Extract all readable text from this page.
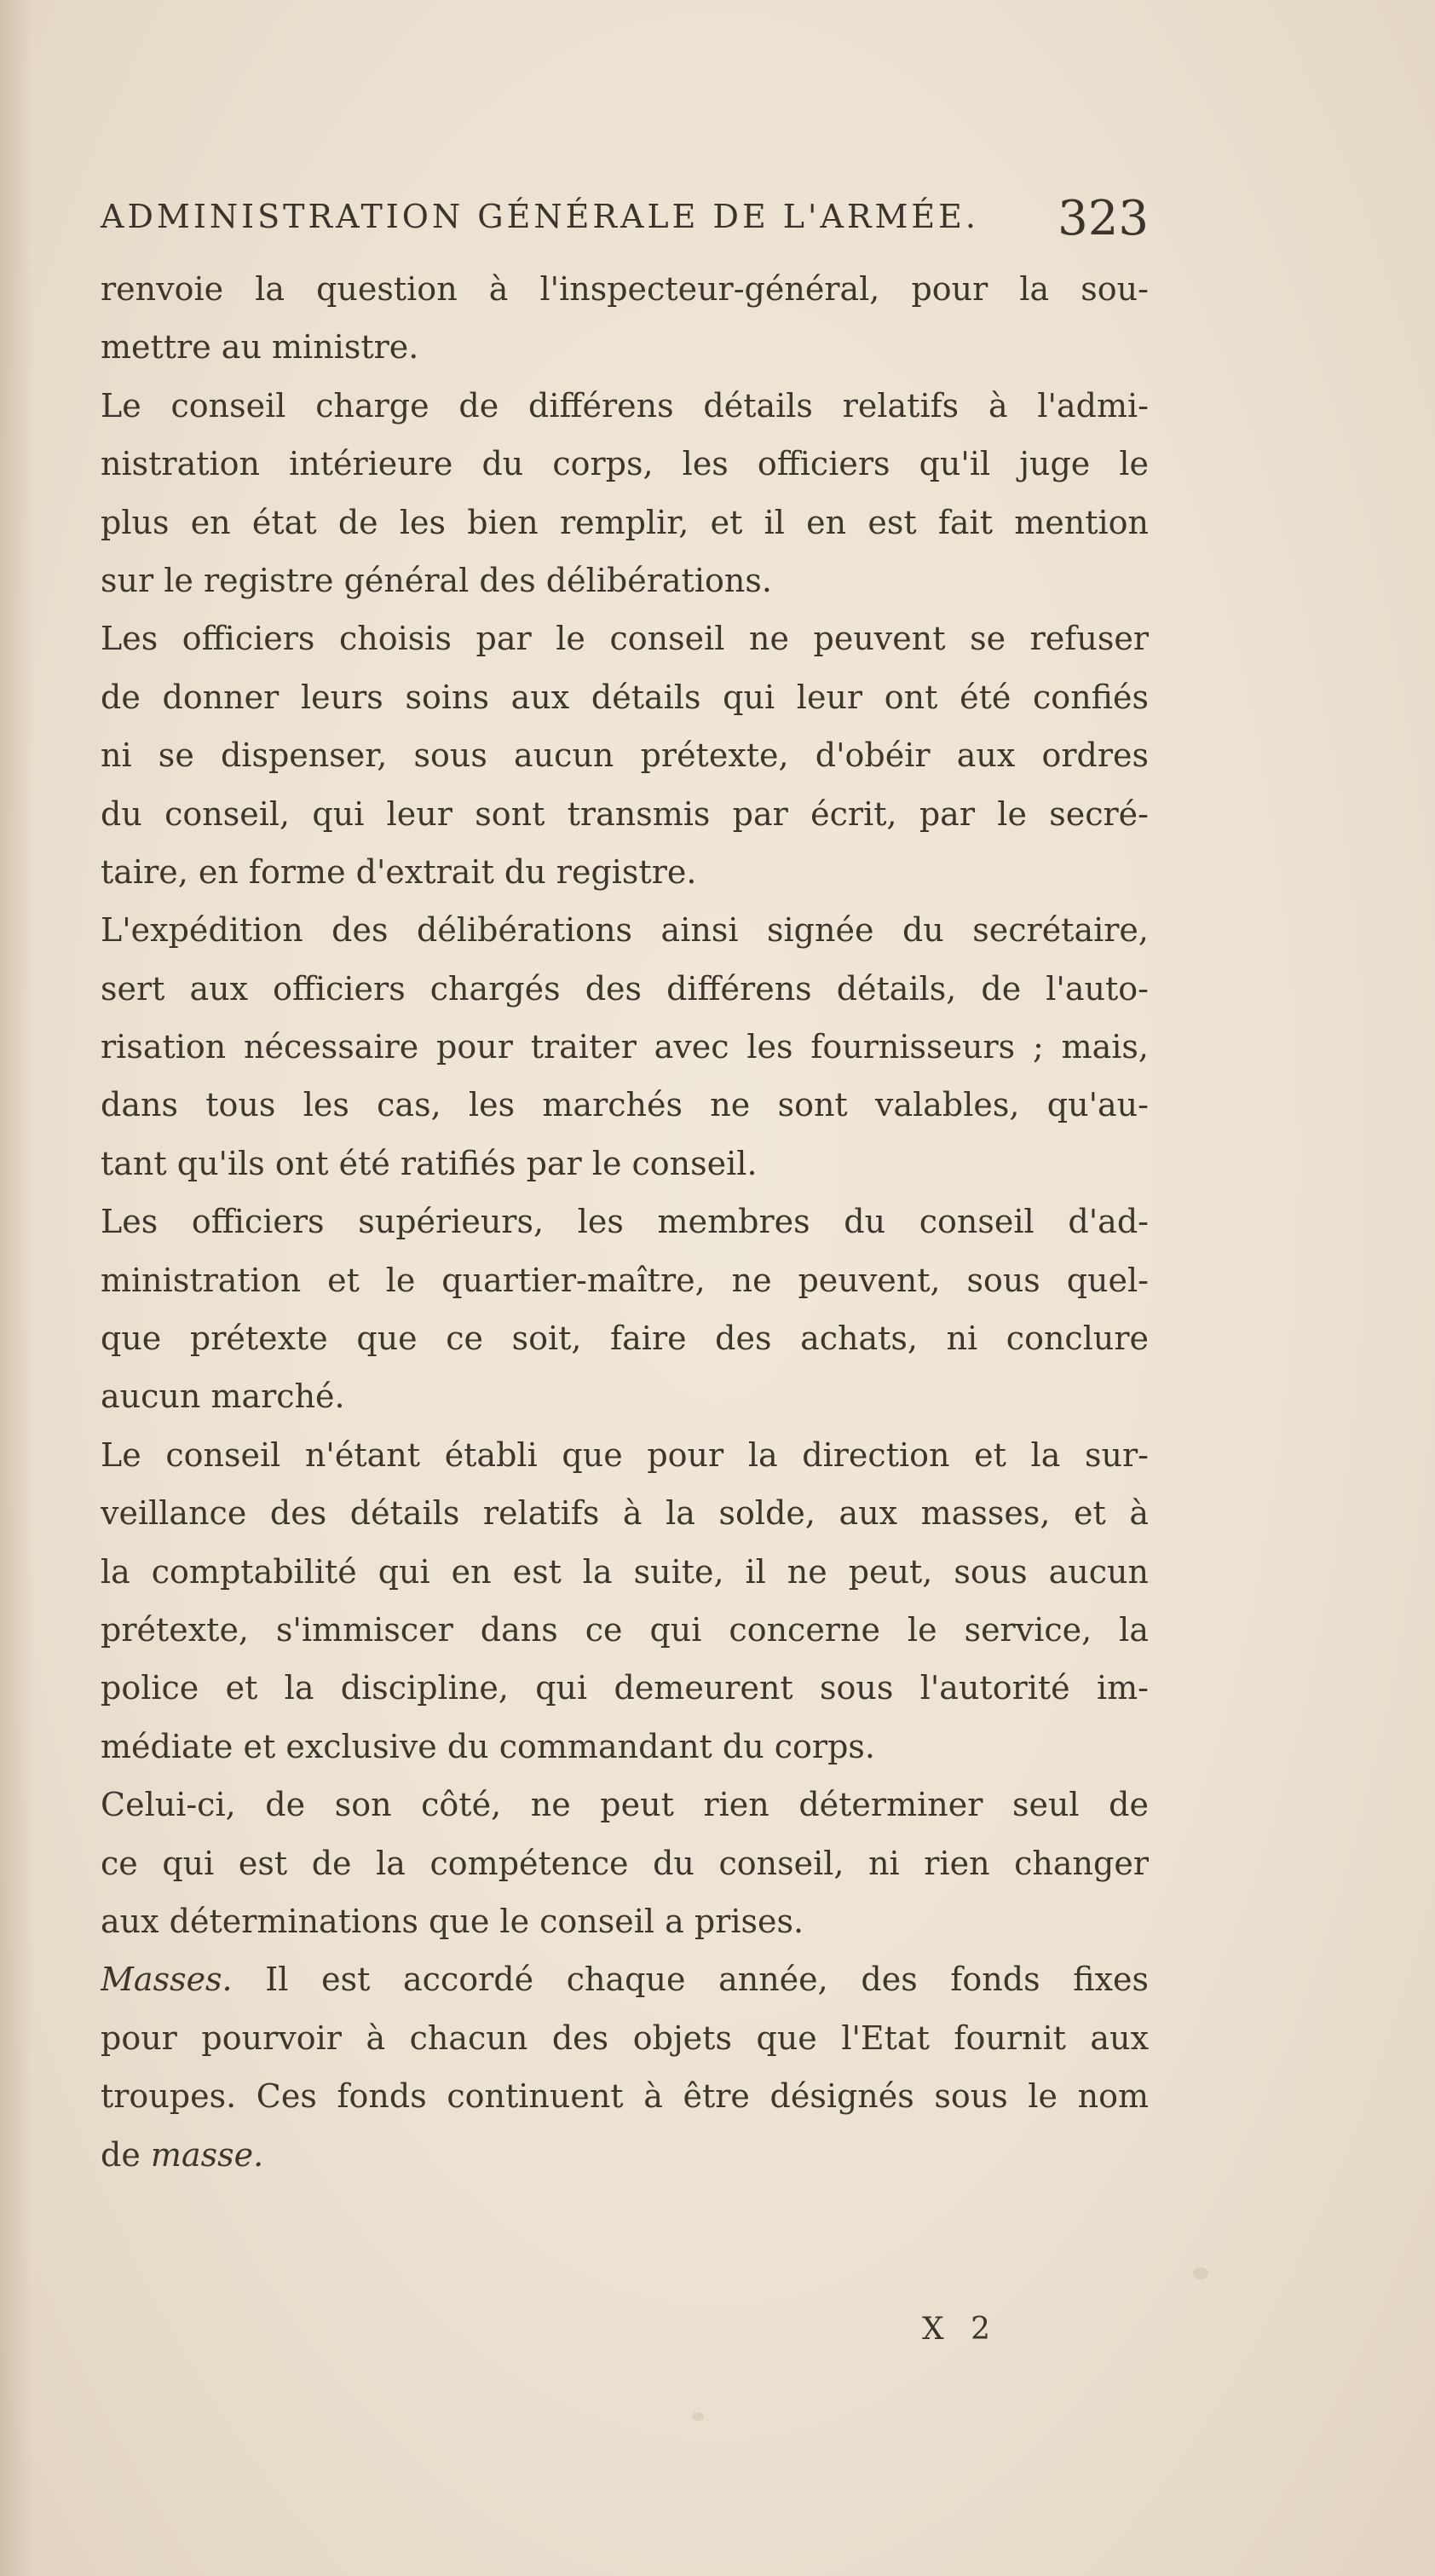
ADMINISTRATION GÉNÉRALE DE L'ARMÉE. 323
renvoie la question à l'inspecteur-général, pour la sou-
mettre au ministre.
Le conseil charge de différens détails relatifs à l'admi-
nistration intérieure du corps, les officiers qu'il juge le
plus en état de les bien remplir, et il en est fait mention
sur le registre général des délibérations.
Les officiers choisis par le conseil ne peuvent se refuser
de donner leurs soins aux détails qui leur ont été confiés
ni se dispenser, sous aucun prétexte, d'obéir aux ordres
du conseil, qui leur sont transmis par écrit, par le secré-
taire, en forme d'extrait du registre.
L'expédition des délibérations ainsi signée du secrétaire,
sert aux officiers chargés des différens détails, de l'auto-
risation nécessaire pour traiter avec les fournisseurs ; mais,
dans tous les cas, les marchés ne sont valables, qu'au-
tant qu'ils ont été ratifiés par le conseil.
Les officiers supérieurs, les membres du conseil d'ad-
ministration et le quartier-maître, ne peuvent, sous quel-
que prétexte que ce soit, faire des achats, ni conclure
aucun marché.
Le conseil n'étant établi que pour la direction et la sur-
veillance des détails relatifs à la solde, aux masses, et à
la comptabilité qui en est la suite, il ne peut, sous aucun
prétexte, s'immiscer dans ce qui concerne le service, la
police et la discipline, qui demeurent sous l'autorité im-
médiate et exclusive du commandant du corps.
Celui-ci, de son côté, ne peut rien déterminer seul de
ce qui est de la compétence du conseil, ni rien changer
aux déterminations que le conseil a prises.
Masses. Il est accordé chaque année, des fonds fixes
pour pourvoir à chacun des objets que l'Etat fournit aux
troupes. Ces fonds continuent à être désignés sous le nom
de masse.
X 2
